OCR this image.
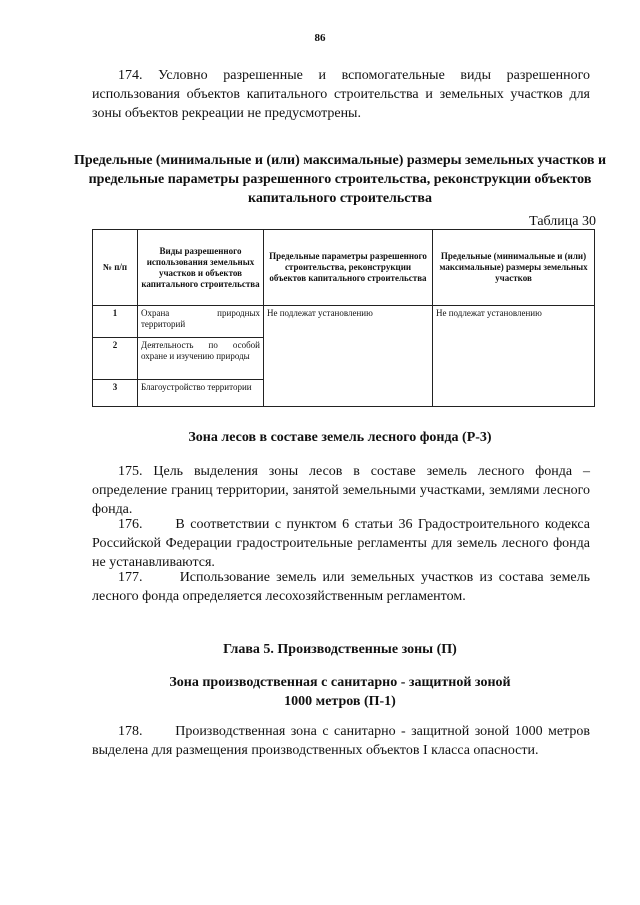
86

174. Условно разрешенные и вспомогательные виды разрешенного использования объектов капитального строительства и земельных участков для зоны объектов рекреации не предусмотрены.

Предельные (минимальные и (или) максимальные) размеры земельных участков и предельные параметры разрешенного строительства, реконструкции объектов капитального строительства
Таблица 30
№ п/п	Виды разрешенного использования земельных участков и объектов капитального строительства	Предельные параметры разрешенного строительства, реконструкции объектов капитального строительства	Предельные (минимальные и (или) максимальные) размеры земельных участков
1	Охрана природных территорий	Не подлежат установлению	Не подлежат установлению
2	Деятельность по особой охране и изучению природы		
3	Благоустройство территории		
Зона лесов в составе земель лесного фонда (Р-3)

175. Цель выделения зоны лесов в составе земель лесного фонда – определение границ территории, занятой земельными участками, землями лесного фонда.

176. В соответствии с пунктом 6 статьи 36 Градостроительного кодекса Российской Федерации градостроительные регламенты для земель лесного фонда не устанавливаются.

177.	Использование земель или земельных участков из состава земель лесного фонда определяется лесохозяйственным регламентом.

Глава 5. Производственные зоны (П)
Зона производственная с санитарно - защитной зоной
1000 метров (П-1)

178. Производственная зона с санитарно - защитной зоной 1000 метров выделена для размещения производственных объектов I класса опасности.
